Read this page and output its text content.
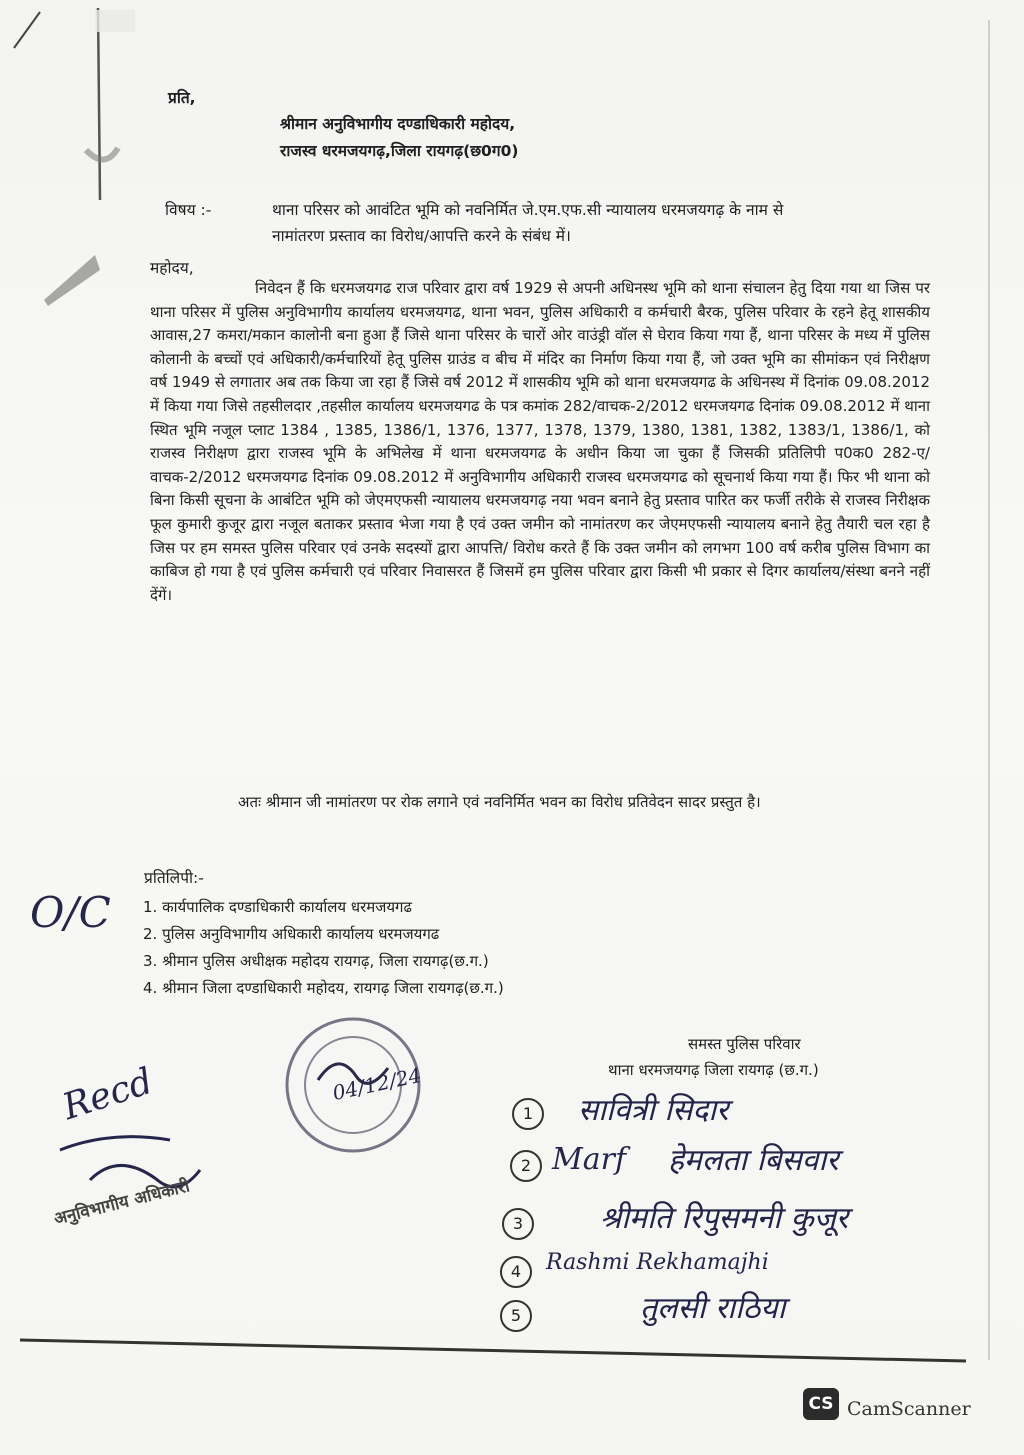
प्रति,
श्रीमान अनुविभागीय दण्डाधिकारी महोदय,
राजस्व धरमजयगढ़,जिला रायगढ़(छ0ग0)
विषय :-	थाना परिसर को आवंटित भूमि को नवनिर्मित जे.एम.एफ.सी न्यायालय धरमजयगढ़ के नाम से
नामांतरण प्रस्ताव का विरोध/आपत्ति करने के संबंध में।
महोदय,
निवेदन हैं कि धरमजयगढ राज परिवार द्वारा वर्ष 1929 से अपनी अधिनस्थ भूमि को थाना संचालन हेतु दिया गया था जिस पर थाना परिसर में पुलिस अनुविभागीय कार्यालय धरमजयगढ, थाना भवन, पुलिस अधिकारी व कर्मचारी बैरक, पुलिस परिवार के रहने हेतू शासकीय आवास,27 कमरा/मकान कालोनी बना हुआ हैं जिसे थाना परिसर के चारों ओर वाउंड्री वॉल से घेराव किया गया हैं, थाना परिसर के मध्य में पुलिस कोलानी के बच्चों एवं अधिकारी/कर्मचारियों हेतू पुलिस ग्राउंड व बीच में मंदिर का निर्माण किया गया हैं, जो उक्त भूमि का सीमांकन एवं निरीक्षण वर्ष 1949 से लगातार अब तक किया जा रहा हैं जिसे वर्ष 2012 में शासकीय भूमि को थाना धरमजयगढ के अधिनस्थ में दिनांक 09.08.2012 में किया गया जिसे तहसीलदार ,तहसील कार्यालय धरमजयगढ के पत्र कमांक 282/वाचक-2/2012 धरमजयगढ दिनांक 09.08.2012 में थाना स्थित भूमि नजूल प्लाट 1384 , 1385, 1386/1, 1376, 1377, 1378, 1379, 1380, 1381, 1382, 1383/1, 1386/1, को राजस्व निरीक्षण द्वारा राजस्व भूमि के अभिलेख में थाना धरमजयगढ के अधीन किया जा चुका हैं जिसकी प्रतिलिपी प0क0 282-ए/वाचक-2/2012 धरमजयगढ दिनांक 09.08.2012 में अनुविभागीय अधिकारी राजस्व धरमजयगढ को सूचनार्थ किया गया हैं। फिर भी थाना को बिना किसी सूचना के आबंटित भूमि को जेएमएफसी न्यायालय धरमजयगढ़ नया भवन बनाने हेतु प्रस्ताव पारित कर फर्जी तरीके से राजस्व निरीक्षक फूल कुमारी कुजूर द्वारा नजूल बताकर प्रस्ताव भेजा गया है एवं उक्त जमीन को नामांतरण कर जेएमएफसी न्यायालय बनाने हेतु तैयारी चल रहा है जिस पर हम समस्त पुलिस परिवार एवं उनके सदस्यों द्वारा आपत्ति/ विरोध करते हैं कि उक्त जमीन को लगभग 100 वर्ष करीब पुलिस विभाग का काबिज हो गया है एवं पुलिस कर्मचारी एवं परिवार निवासरत हैं जिसमें हम पुलिस परिवार द्वारा किसी भी प्रकार से दिगर कार्यालय/संस्था बनने नहीं देंगें।
अतः श्रीमान जी नामांतरण पर रोक लगाने एवं नवनिर्मित भवन का विरोध प्रतिवेदन सादर प्रस्तुत है।
प्रतिलिपी:-
1. कार्यपालिक दण्डाधिकारी कार्यालय धरमजयगढ
2. पुलिस अनुविभागीय अधिकारी कार्यालय धरमजयगढ
3. श्रीमान पुलिस अधीक्षक महोदय रायगढ़, जिला रायगढ़(छ.ग.)
4. श्रीमान जिला दण्डाधिकारी महोदय, रायगढ़ जिला रायगढ़(छ.ग.)
O/C
समस्त पुलिस परिवार
थाना धरमजयगढ़ जिला रायगढ़ (छ.ग.)
04/12/24
Recd
अनुविभागीय अधिकारी
1	सावित्री सिदार
2 Marf हेमलता बिसवार
3	श्रीमति रिपुसमनी कुजूर
4	Rashmi Rekhamajhi
5	तुलसी राठिया
CS CamScanner
